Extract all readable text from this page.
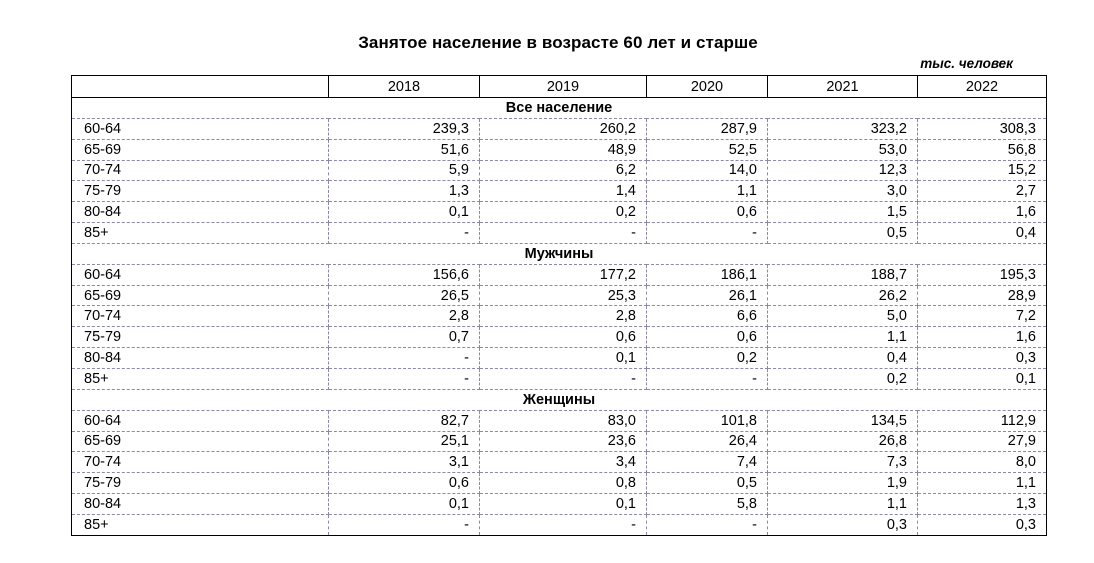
Занятое население в возрасте 60 лет и старше
тыс. человек
	2018	2019	2020	2021	2022
Все население					
60-64	239,3	260,2	287,9	323,2	308,3
65-69	51,6	48,9	52,5	53,0	56,8
70-74	5,9	6,2	14,0	12,3	15,2
75-79	1,3	1,4	1,1	3,0	2,7
80-84	0,1	0,2	0,6	1,5	1,6
85+	-	-	-	0,5	0,4
Мужчины					
60-64	156,6	177,2	186,1	188,7	195,3
65-69	26,5	25,3	26,1	26,2	28,9
70-74	2,8	2,8	6,6	5,0	7,2
75-79	0,7	0,6	0,6	1,1	1,6
80-84	-	0,1	0,2	0,4	0,3
85+	-	-	-	0,2	0,1
Женщины					
60-64	82,7	83,0	101,8	134,5	112,9
65-69	25,1	23,6	26,4	26,8	27,9
70-74	3,1	3,4	7,4	7,3	8,0
75-79	0,6	0,8	0,5	1,9	1,1
80-84	0,1	0,1	5,8	1,1	1,3
85+	-	-	-	0,3	0,3
